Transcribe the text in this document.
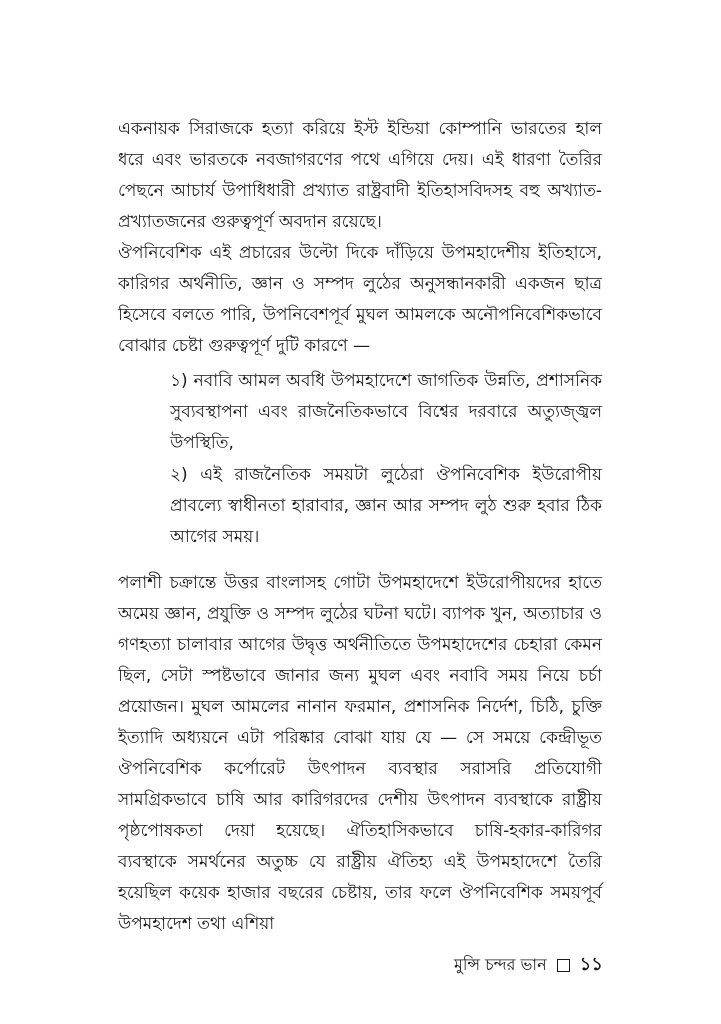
একনায়ক সিরাজকে হত্যা করিয়ে ইস্ট ইন্ডিয়া কোম্পানি ভারতের হাল ধরে এবং ভারতকে নবজাগরণের পথে এগিয়ে দেয়। এই ধারণা তৈরির পেছনে আচার্য উপাধিধারী প্রখ্যাত রাষ্ট্রবাদী ইতিহাসবিদসহ বহু অখ্যাত-প্রখ্যাতজনের গুরুত্বপূর্ণ অবদান রয়েছে।

ঔপনিবেশিক এই প্রচারের উল্টো দিকে দাঁড়িয়ে উপমহাদেশীয় ইতিহাসে, কারিগর অর্থনীতি, জ্ঞান ও সম্পদ লুঠের অনুসন্ধানকারী একজন ছাত্র হিসেবে বলতে পারি, উপনিবেশপূর্ব মুঘল আমলকে অনৌপনিবেশিকভাবে বোঝার চেষ্টা গুরুত্বপূর্ণ দুটি কারণে —

১) নবাবি আমল অবধি উপমহাদেশে জাগতিক উন্নতি, প্রশাসনিক সুব্যবস্থাপনা এবং রাজনৈতিকভাবে বিশ্বের দরবারে অত্যুজ্জ্বল উপস্থিতি,

২) এই রাজনৈতিক সময়টা লুঠেরা ঔপনিবেশিক ইউরোপীয় প্রাবল্যে স্বাধীনতা হারাবার, জ্ঞান আর সম্পদ লুঠ শুরু হবার ঠিক আগের সময়।

পলাশী চক্রান্তে উত্তর বাংলাসহ গোটা উপমহাদেশে ইউরোপীয়দের হাতে অমেয় জ্ঞান, প্রযুক্তি ও সম্পদ লুঠের ঘটনা ঘটে। ব্যাপক খুন, অত্যাচার ও গণহত্যা চালাবার আগের উদ্বৃত্ত অর্থনীতিতে উপমহাদেশের চেহারা কেমন ছিল, সেটা স্পষ্টভাবে জানার জন্য মুঘল এবং নবাবি সময় নিয়ে চর্চা প্রয়োজন। মুঘল আমলের নানান ফরমান, প্রশাসনিক নির্দেশ, চিঠি, চুক্তি ইত্যাদি অধ্যয়নে এটা পরিষ্কার বোঝা যায় যে — সে সময়ে কেন্দ্রীভূত ঔপনিবেশিক কর্পোরেট উৎপাদন ব্যবস্থার সরাসরি প্রতিযোগী সামগ্রিকভাবে চাষি আর কারিগরদের দেশীয় উৎপাদন ব্যবস্থাকে রাষ্ট্রীয় পৃষ্ঠপোষকতা দেয়া হয়েছে। ঐতিহাসিকভাবে চাষি-হকার-কারিগর ব্যবস্থাকে সমর্থনের অতুচ্চ যে রাষ্ট্রীয় ঐতিহ্য এই উপমহাদেশে তৈরি হয়েছিল কয়েক হাজার বছরের চেষ্টায়, তার ফলে ঔপনিবেশিক সময়পূর্ব উপমহাদেশ তথা এশিয়া

মুন্সি চন্দর ভান ১১
